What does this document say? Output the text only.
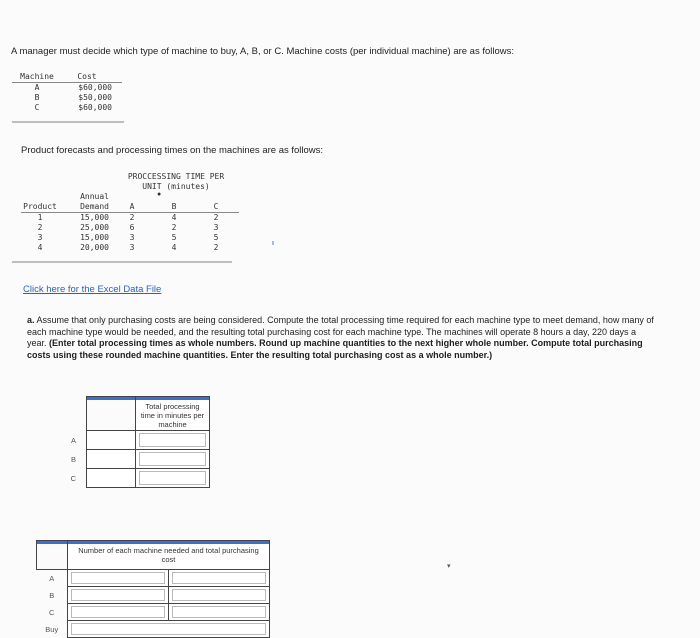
A manager must decide which type of machine to buy, A, B, or C. Machine costs (per individual machine) are as follows:
Machine	Cost
A	$60,000
B	$50,000
C	$60,000
Product forecasts and processing times on the machines are as follows:
PROCCESSING TIME PER
UNIT (minutes)
●
Annual
Product	Demand	A	B	C
1	15,000	2	4	2
2	25,000	6	2	3
3	15,000	3	5	5
4	20,000	3	4	2
Click here for the Excel Data File
a. Assume that only purchasing costs are being considered. Compute the total processing time required for each machine type to meet demand, how many of each machine type would be needed, and the resulting total purchasing cost for each machine type. The machines will operate 8 hours a day, 220 days a year. (Enter total processing times as whole numbers. Round up machine quantities to the next higher whole number. Compute total purchasing costs using these rounded machine quantities. Enter the resulting total purchasing cost as a whole number.)

		Total processing time in minutes per machine

A		

B		

C		

	Number of each machine needed and total purchasing cost	

A	

B	

C	

Buy		
▾
